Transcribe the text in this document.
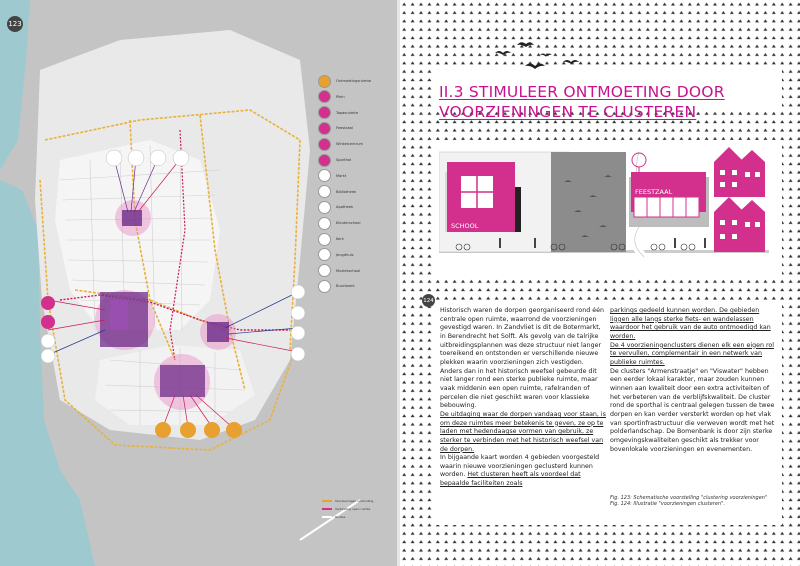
123
Ontmoetingsruimte
Plein
Tapasruimte
Feestzaal
Winkelcentrum
Sporthal
Markt
Bibliotheek
Apotheek
Kleuterschool
Kerk
Jeugdhuis
Muziekschool
Buurtwerk
Voorzieningen verbinding
Verbinding open ruimte
Routes
II.3 STIMULEER ONTMOETING DOOR
VOORZIENINGEN TE CLUSTEREN
SCHOOL
FEESTZAAL
124

Historisch waren de dorpen georganiseerd rond één centrale open ruimte, waarrond de voorzieningen gevestigd waren. In Zandvliet is dit de Botermarkt, in Berendrecht het Solft. Als gevolg van de talrijke uitbreidingsplannen was deze structuur niet langer toereikend en ontstonden er verschillende nieuwe plekken waarin voorzieningen zich vestigden. Anders dan in het historisch weefsel gebeurde dit niet langer rond een sterke publieke ruimte, maar vaak middenin een open ruimte, rafelranden of percelen die niet geschikt waren voor klassieke bebouwing.

De uitdaging waar de dorpen vandaag voor staan, is om deze ruimtes meer betekenis te geven, ze op te laden met hedendaagse vormen van gebruik, ze sterker te verbinden met het historisch weefsel van de dorpen.

In bijgaande kaart worden 4 gebieden voorgesteld waarin nieuwe voorzieningen geclusterd kunnen worden. Het clusteren heeft als voordeel dat bepaalde faciliteiten zoals

parkings gedeeld kunnen worden. De gebieden liggen alle langs sterke fiets- en wandelassen waardoor het gebruik van de auto ontmoedigd kan worden.

De 4 voorzieningenclusters dienen elk een eigen rol te vervullen, complementair in een netwerk van publieke ruimtes.

De clusters "Armenstraatje" en "Viswater" hebben een eerder lokaal karakter, maar zouden kunnen winnen aan kwaliteit door een extra activiteiten of het verbeteren van de verblijfskwaliteit. De cluster rond de sporthal is centraal gelegen tussen de twee dorpen en kan verder versterkt worden op het vlak van sportinfrastructuur die verweven wordt met het polderlandschap. De Bomenbank is door zijn sterke omgevingskwaliteiten geschikt als trekker voor bovenlokale voorzieningen en evenementen.

Fig. 123: Schematische voorstelling "clustering voorzieningen"

Fig. 124: Illustratie "voorzieningen clusteren".
